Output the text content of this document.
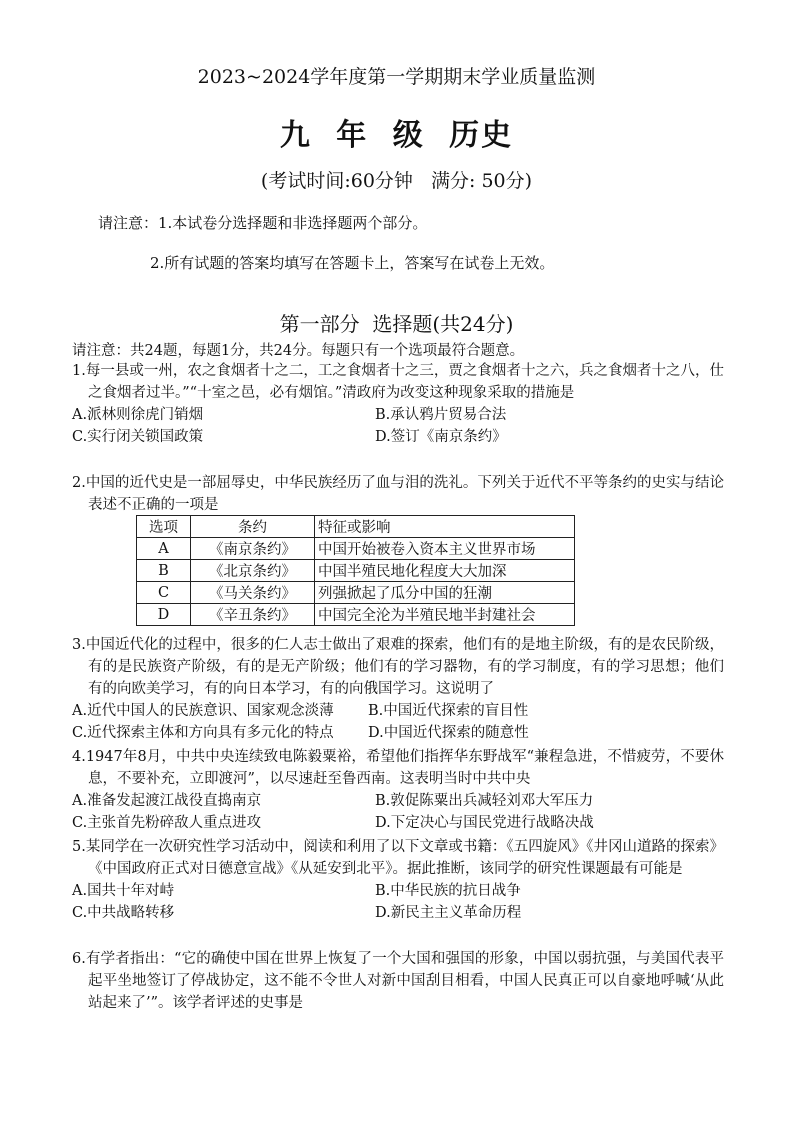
2023~2024学年度第一学期期末学业质量监测
九 年 级 历史
(考试时间:60分钟   满分: 50分)
请注意：1.本试卷分选择题和非选择题两个部分。
2.所有试题的答案均填写在答题卡上，答案写在试卷上无效。
第一部分  选择题(共24分)
请注意：共24题，每题1分，共24分。每题只有一个选项最符合题意。
1.每一县或一州，农之食烟者十之二，工之食烟者十之三，贾之食烟者十之六，兵之食烟者十之八，仕之食烟者过半。”“十室之邑，必有烟馆。”清政府为改变这种现象采取的措施是
A.派林则徐虎门销烟	B.承认鸦片贸易合法
C.实行闭关锁国政策	D.签订《南京条约》
2.中国的近代史是一部屈辱史，中华民族经历了血与泪的洗礼。下列关于近代不平等条约的史实与结论表述不正确的一项是
选项	条约	特征或影响
A	《南京条约》	中国开始被卷入资本主义世界市场
B	《北京条约》	中国半殖民地化程度大大加深
C	《马关条约》	列强掀起了瓜分中国的狂潮
D	《辛丑条约》	中国完全沦为半殖民地半封建社会
3.中国近代化的过程中，很多的仁人志士做出了艰难的探索，他们有的是地主阶级，有的是农民阶级，有的是民族资产阶级，有的是无产阶级；他们有的学习器物，有的学习制度，有的学习思想；他们有的向欧美学习，有的向日本学习，有的向俄国学习。这说明了
A.近代中国人的民族意识、国家观念淡薄 B.中国近代探索的盲目性
C.近代探索主体和方向具有多元化的特点 D.中国近代探索的随意性
4.1947年8月，中共中央连续致电陈毅粟裕，希望他们指挥华东野战军“兼程急进，不惜疲劳，不要休息，不要补充，立即渡河”，以尽速赶至鲁西南。这表明当时中共中央
A.准备发起渡江战役直捣南京	B.敦促陈粟出兵减轻刘邓大军压力
C.主张首先粉碎敌人重点进攻	D.下定决心与国民党进行战略决战
5.某同学在一次研究性学习活动中，阅读和利用了以下文章或书籍：《五四旋风》《井冈山道路的探索》《中国政府正式对日德意宣战》《从延安到北平》。据此推断，该同学的研究性课题最有可能是
A.国共十年对峙	B.中华民族的抗日战争
C.中共战略转移	D.新民主主义革命历程
6.有学者指出：“它的确使中国在世界上恢复了一个大国和强国的形象，中国以弱抗强，与美国代表平起平坐地签订了停战协定，这不能不令世人对新中国刮目相看，中国人民真正可以自豪地呼喊‘从此站起来了’”。该学者评述的史事是
